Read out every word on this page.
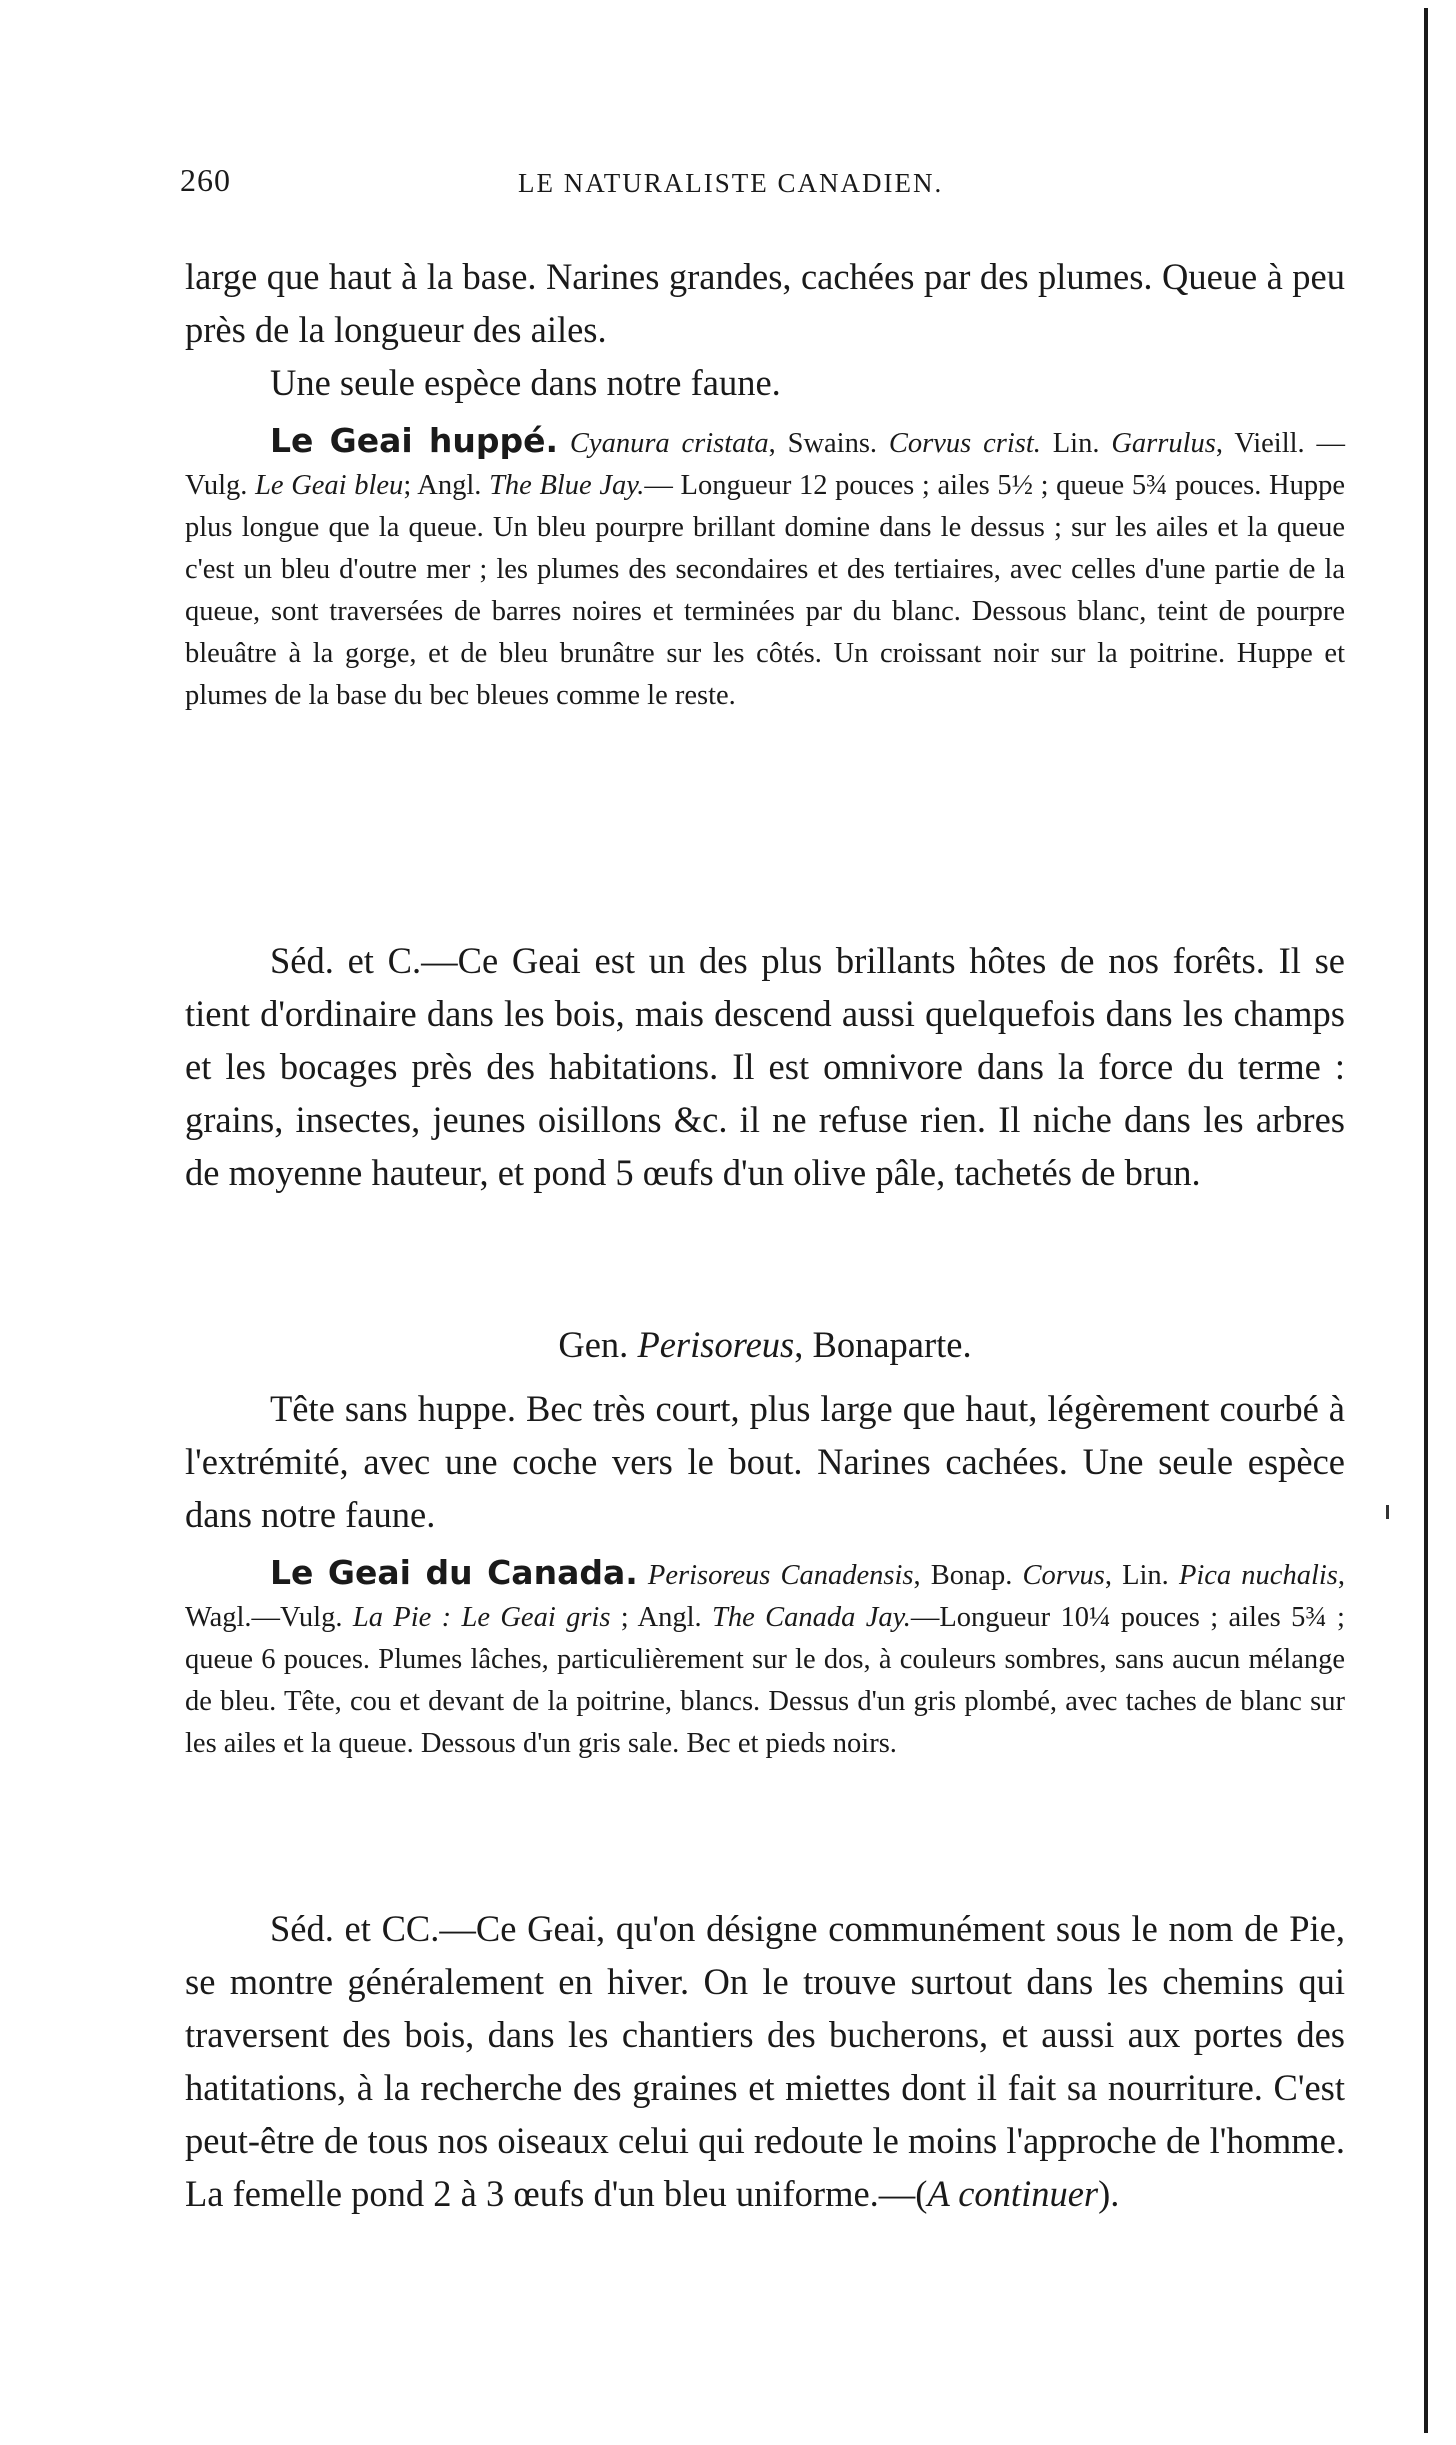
260	LE NATURALISTE CANADIEN.

large que haut à la base. Narines grandes, cachées par des plumes. Queue à peu près de la longueur des ailes.

Une seule espèce dans notre faune.

Le Geai huppé. Cyanura cristata, Swains. Corvus crist. Lin. Garrulus, Vieill. — Vulg. Le Geai bleu; Angl. The Blue Jay.— Longueur 12 pouces ; ailes 5½ ; queue 5¾ pouces. Huppe plus longue que la queue. Un bleu pourpre brillant domine dans le dessus ; sur les ailes et la queue c'est un bleu d'outre mer ; les plumes des secondaires et des tertiaires, avec celles d'une partie de la queue, sont traversées de barres noires et terminées par du blanc. Dessous blanc, teint de pourpre bleuâtre à la gorge, et de bleu brunâtre sur les côtés. Un croissant noir sur la poitrine. Huppe et plumes de la base du bec bleues comme le reste.

Séd. et C.—Ce Geai est un des plus brillants hôtes de nos forêts. Il se tient d'ordinaire dans les bois, mais descend aussi quelquefois dans les champs et les bocages près des habitations. Il est omnivore dans la force du terme : grains, insectes, jeunes oisillons &c. il ne refuse rien. Il niche dans les arbres de moyenne hauteur, et pond 5 œufs d'un olive pâle, tachetés de brun.

Gen. Perisoreus, Bonaparte.

Tête sans huppe. Bec très court, plus large que haut, légèrement courbé à l'extrémité, avec une coche vers le bout. Narines cachées. Une seule espèce dans notre faune.

Le Geai du Canada. Perisoreus Canadensis, Bonap. Corvus, Lin. Pica nuchalis, Wagl.—Vulg. La Pie : Le Geai gris ; Angl. The Canada Jay.—Longueur 10¼ pouces ; ailes 5¾ ; queue 6 pouces. Plumes lâches, particulièrement sur le dos, à couleurs sombres, sans aucun mélange de bleu. Tête, cou et devant de la poitrine, blancs. Dessus d'un gris plombé, avec taches de blanc sur les ailes et la queue. Dessous d'un gris sale. Bec et pieds noirs.

Séd. et CC.—Ce Geai, qu'on désigne communément sous le nom de Pie, se montre généralement en hiver. On le trouve surtout dans les chemins qui traversent des bois, dans les chantiers des bucherons, et aussi aux portes des hatitations, à la recherche des graines et miettes dont il fait sa nourriture. C'est peut-être de tous nos oiseaux celui qui redoute le moins l'approche de l'homme. La femelle pond 2 à 3 œufs d'un bleu uniforme.—(A continuer).
